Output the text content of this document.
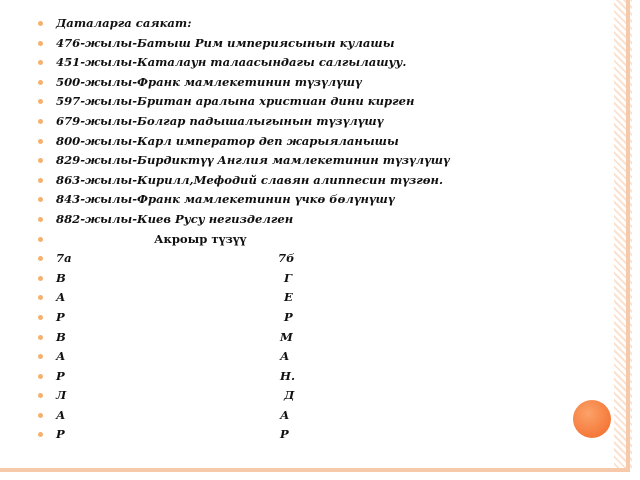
Даталарга саякат:
476-жылы-Батыш Рим империясынын кулашы
451-жылы-Каталаун талаасындагы салгылашуу.
500-жылы-Франк мамлекетинин түзүлүшү
597-жылы-Британ аралына христиан дини кирген
679-жылы-Болгар падышалыгынын түзүлүшү
800-жылы-Карл император деп жарыяланышы
829-жылы-Бирдиктүү Англия мамлекетинин түзүлүшү
863-жылы-Кирилл,Мефодий славян алиппесин түзгөн.
843-жылы-Франк мамлекетинин үчкө бөлүнүшү
882-жылы-Киев Русу негизделген
Акроыр түзүү
7а	7б
В	Г
А	Е
Р	Р
В	М
А	А
Р	Н.
Л	Д
А	А
Р	Р
